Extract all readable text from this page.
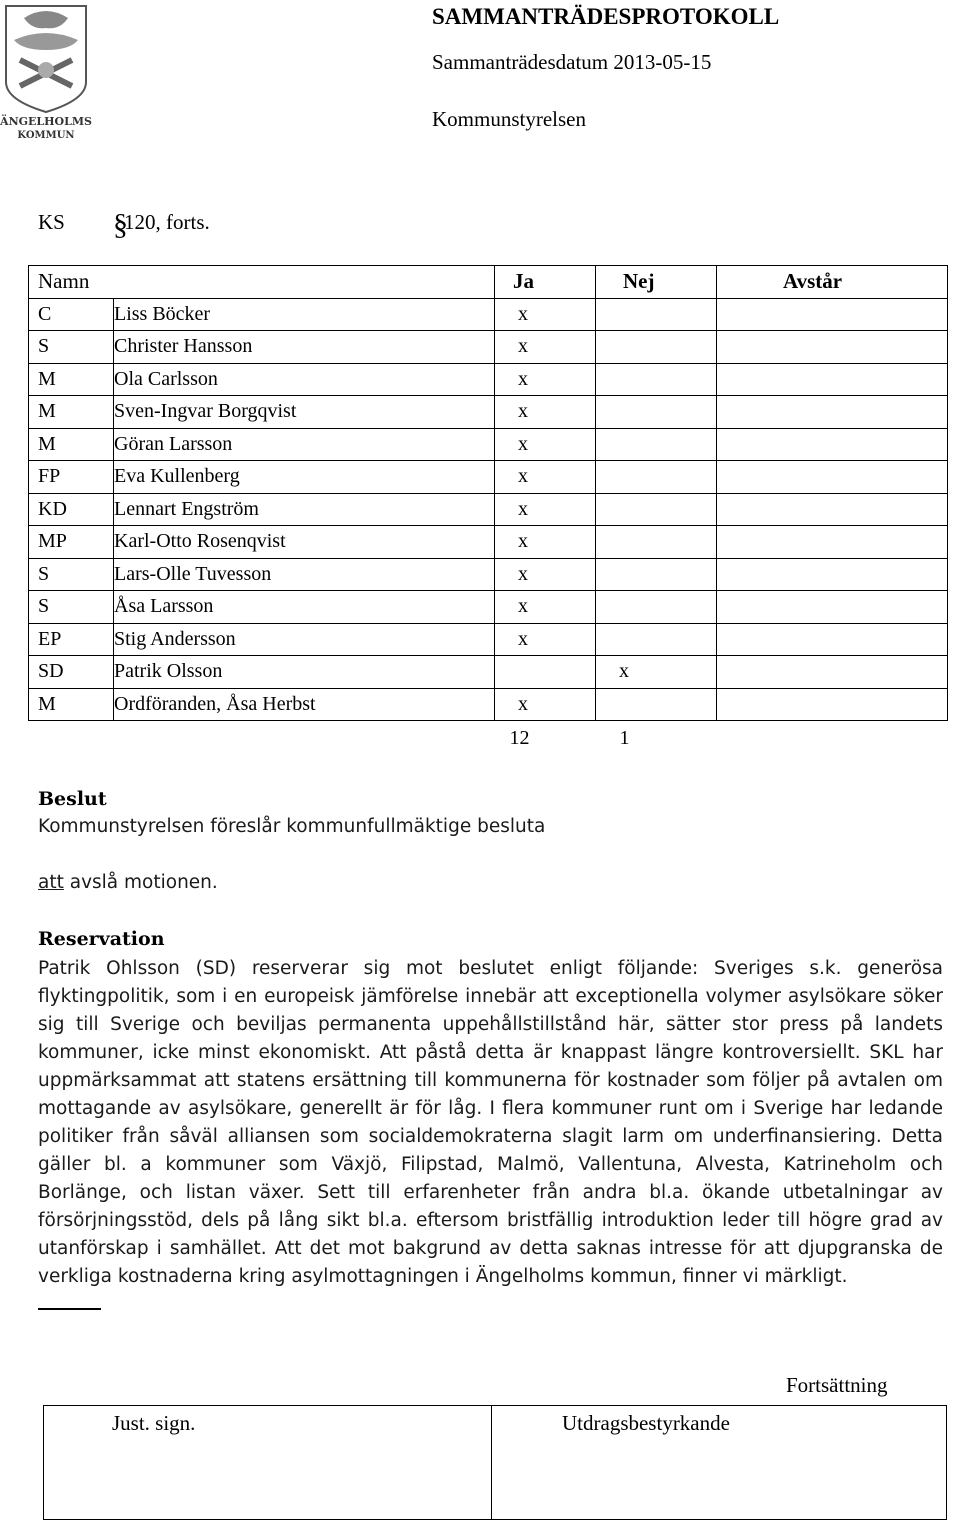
ÄNGELHOLMS
KOMMUN
SAMMANTRÄDESPROTOKOLL
Sammanträdesdatum 2013-05-15
Kommunstyrelsen
KS §
120, forts.
Namn		Ja	Nej	Avstår

C	Liss Böcker	x		

S	Christer Hansson	x		

M	Ola Carlsson	x		

M	Sven-Ingvar Borgqvist	x		

M	Göran Larsson	x		

FP	Eva Kullenberg	x		

KD	Lennart Engström	x		

MP	Karl-Otto Rosenqvist	x		

S	Lars-Olle Tuvesson	x		

S	Åsa Larsson	x		

EP	Stig Andersson	x		

SD	Patrik Olsson		x	

M	Ordföranden, Åsa Herbst	x		

		12	1	

Beslut
Kommunstyrelsen föreslår kommunfullmäktige besluta
att avslå motionen.
Reservation
Patrik Ohlsson (SD) reserverar sig mot beslutet enligt följande: Sveriges s.k. generösa flyktingpolitik, som i en europeisk jämförelse innebär att exceptionella volymer asylsökare söker sig till Sverige och beviljas permanenta uppehållstillstånd här, sätter stor press på landets kommuner, icke minst ekonomiskt. Att påstå detta är knappast längre kontroversiellt. SKL har uppmärksammat att statens ersättning till kommunerna för kostnader som följer på avtalen om mottagande av asylsökare, generellt är för låg. I flera kommuner runt om i Sverige har ledande politiker från såväl alliansen som socialdemokraterna slagit larm om underfinansiering. Detta gäller bl. a kommuner som Växjö, Filipstad, Malmö, Vallentuna, Alvesta, Katrineholm och Borlänge, och listan växer. Sett till erfarenheter från andra bl.a. ökande utbetalningar av försörjningsstöd, dels på lång sikt bl.a. eftersom bristfällig introduktion leder till högre grad av utanförskap i samhället. Att det mot bakgrund av detta saknas intresse för att djupgranska de verkliga kostnaderna kring asylmottagningen i Ängelholms kommun, finner vi märkligt.
Fortsättning
Just. sign.	Utdragsbestyrkande
